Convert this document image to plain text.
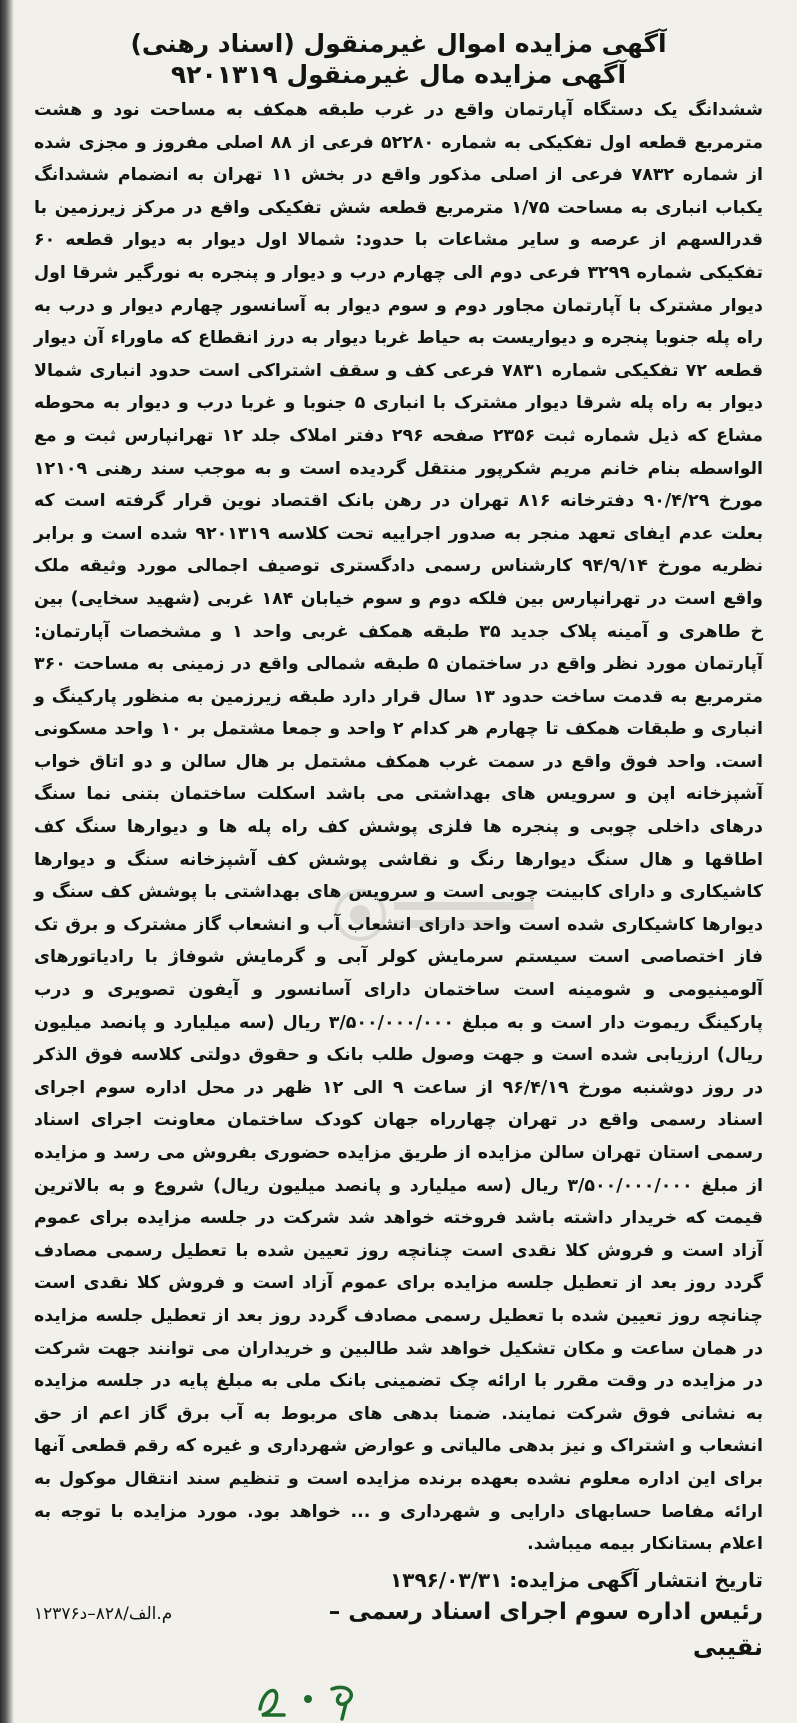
آگهی مزایده اموال غیرمنقول (اسناد رهنی)
آگهی مزایده مال غیرمنقول ۹۲۰۱۳۱۹
ششدانگ یک دستگاه آپارتمان واقع در غرب طبقه همکف به مساحت نود و هشت مترمربع قطعه اول تفکیکی به شماره ۵۲۲۸۰ فرعی از ۸۸ اصلی مفروز و مجزی شده از شماره ۷۸۳۲ فرعی از اصلی مذکور واقع در بخش ۱۱ تهران به انضمام ششدانگ یکباب انباری به مساحت ۱/۷۵ مترمربع قطعه شش تفکیکی واقع در مرکز زیرزمین با قدرالسهم از عرصه و سایر مشاعات با حدود: شمالا اول دیوار به دیوار قطعه ۶۰ تفکیکی شماره ۳۲۹۹ فرعی دوم الی چهارم درب و دیوار و پنجره به نورگیر شرقا اول دیوار مشترک با آپارتمان مجاور دوم و سوم دیوار به آسانسور چهارم دیوار و درب به راه پله جنوبا پنجره و دیواریست به حیاط غربا دیوار به درز انقطاع که ماوراء آن دیوار قطعه ۷۲ تفکیکی شماره ۷۸۳۱ فرعی کف و سقف اشتراکی است حدود انباری شمالا دیوار به راه پله شرقا دیوار مشترک با انباری ۵ جنوبا و غربا درب و دیوار به محوطه مشاع که ذیل شماره ثبت ۲۳۵۶ صفحه ۲۹۶ دفتر املاک جلد ۱۲ تهرانپارس ثبت و مع الواسطه بنام خانم مریم شکرپور منتقل گردیده است و به موجب سند رهنی ۱۲۱۰۹ مورخ ۹۰/۴/۲۹ دفترخانه ۸۱۶ تهران در رهن بانک اقتصاد نوین قرار گرفته است که بعلت عدم ایفای تعهد منجر به صدور اجراییه تحت کلاسه ۹۲۰۱۳۱۹ شده است و برابر نظریه مورخ ۹۴/۹/۱۴ کارشناس رسمی دادگستری توصیف اجمالی مورد وثیقه ملک واقع است در تهرانپارس بین فلکه دوم و سوم خیابان ۱۸۴ غربی (شهید سخایی) بین خ طاهری و آمینه پلاک جدید ۳۵ طبقه همکف غربی واحد ۱ و مشخصات آپارتمان: آپارتمان مورد نظر واقع در ساختمان ۵ طبقه شمالی واقع در زمینی به مساحت ۳۶۰ مترمربع به قدمت ساخت حدود ۱۳ سال قرار دارد طبقه زیرزمین به منظور پارکینگ و انباری و طبقات همکف تا چهارم هر کدام ۲ واحد و جمعا مشتمل بر ۱۰ واحد مسکونی است. واحد فوق واقع در سمت غرب همکف مشتمل بر هال سالن و دو اتاق خواب آشپزخانه اپن و سرویس های بهداشتی می باشد اسکلت ساختمان بتنی نما سنگ درهای داخلی چوبی و پنجره ها فلزی پوشش کف راه پله ها و دیوارها سنگ کف اطاقها و هال سنگ دیوارها رنگ و نقاشی پوشش کف آشپزخانه سنگ و دیوارها کاشیکاری و دارای کابینت چوبی است و سرویس های بهداشتی با پوشش کف سنگ و دیوارها کاشیکاری شده است واحد دارای انشعاب آب و انشعاب گاز مشترک و برق تک فاز اختصاصی است سیستم سرمایش کولر آبی و گرمایش شوفاژ با رادیاتورهای آلومینیومی و شومینه است ساختمان دارای آسانسور و آیفون تصویری و درب پارکینگ ریموت دار است و به مبلغ ۳/۵۰۰/۰۰۰/۰۰۰ ریال (سه میلیارد و پانصد میلیون ریال) ارزیابی شده است و جهت وصول طلب بانک و حقوق دولتی کلاسه فوق الذکر در روز دوشنبه مورخ ۹۶/۴/۱۹ از ساعت ۹ الی ۱۲ ظهر در محل اداره سوم اجرای اسناد رسمی واقع در تهران چهارراه جهان کودک ساختمان معاونت اجرای اسناد رسمی استان تهران سالن مزایده از طریق مزایده حضوری بفروش می رسد و مزایده از مبلغ ۳/۵۰۰/۰۰۰/۰۰۰ ریال (سه میلیارد و پانصد میلیون ریال) شروع و به بالاترین قیمت که خریدار داشته باشد فروخته خواهد شد شرکت در جلسه مزایده برای عموم آزاد است و فروش کلا نقدی است چنانچه روز تعیین شده با تعطیل رسمی مصادف گردد روز بعد از تعطیل جلسه مزایده برای عموم آزاد است و فروش کلا نقدی است چنانچه روز تعیین شده با تعطیل رسمی مصادف گردد روز بعد از تعطیل جلسه مزایده در همان ساعت و مکان تشکیل خواهد شد طالبین و خریداران می توانند جهت شرکت در مزایده در وقت مقرر با ارائه چک تضمینی بانک ملی به مبلغ پایه در جلسه مزایده به نشانی فوق شرکت نمایند. ضمنا بدهی های مربوط به آب برق گاز اعم از حق انشعاب و اشتراک و نیز بدهی مالیاتی و عوارض شهرداری و غیره که رقم قطعی آنها برای این اداره معلوم نشده بعهده برنده مزایده است و تنظیم سند انتقال موکول به ارائه مفاصا حسابهای دارایی و شهرداری و ... خواهد بود. مورد مزایده با توجه به اعلام بستانکار بیمه میباشد.
تاریخ انتشار آگهی مزایده: ۱۳۹۶/۰۳/۳۱
رئیس اداره سوم اجرای اسناد رسمی –
۱۲۳۷۶م.الف/۸۲۸–د
نقیبی
